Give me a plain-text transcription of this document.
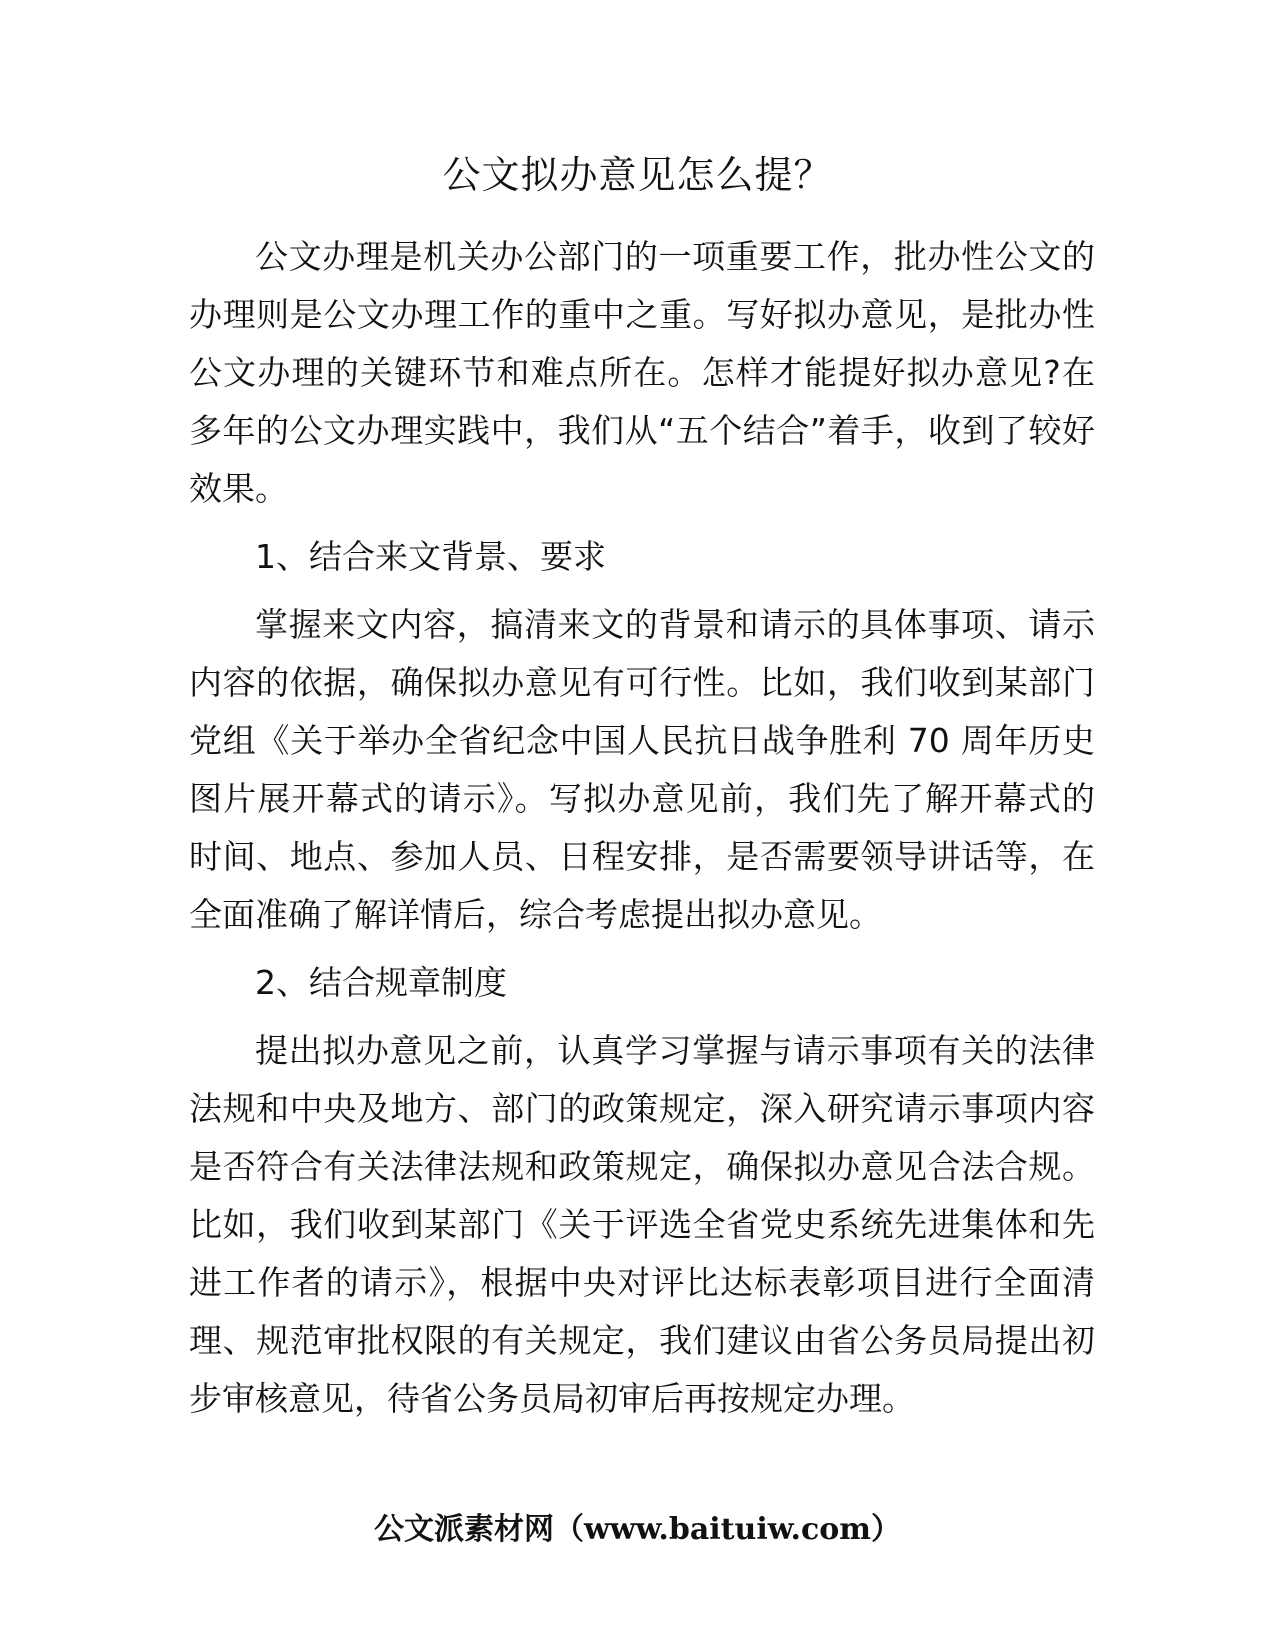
公文拟办意见怎么提？

公文办理是机关办公部门的一项重要工作，批办性公文的办理则是公文办理工作的重中之重。写好拟办意见，是批办性公文办理的关键环节和难点所在。怎样才能提好拟办意见?在多年的公文办理实践中，我们从“五个结合”着手，收到了较好效果。

1、结合来文背景、要求

掌握来文内容，搞清来文的背景和请示的具体事项、请示内容的依据，确保拟办意见有可行性。比如，我们收到某部门党组《关于举办全省纪念中国人民抗日战争胜利 70 周年历史图片展开幕式的请示》。写拟办意见前，我们先了解开幕式的时间、地点、参加人员、日程安排，是否需要领导讲话等，在全面准确了解详情后，综合考虑提出拟办意见。

2、结合规章制度

提出拟办意见之前，认真学习掌握与请示事项有关的法律法规和中央及地方、部门的政策规定，深入研究请示事项内容是否符合有关法律法规和政策规定，确保拟办意见合法合规。比如，我们收到某部门《关于评选全省党史系统先进集体和先进工作者的请示》，根据中央对评比达标表彰项目进行全面清理、规范审批权限的有关规定，我们建议由省公务员局提出初步审核意见，待省公务员局初审后再按规定办理。

公文派素材网（www.baituiw.com）
